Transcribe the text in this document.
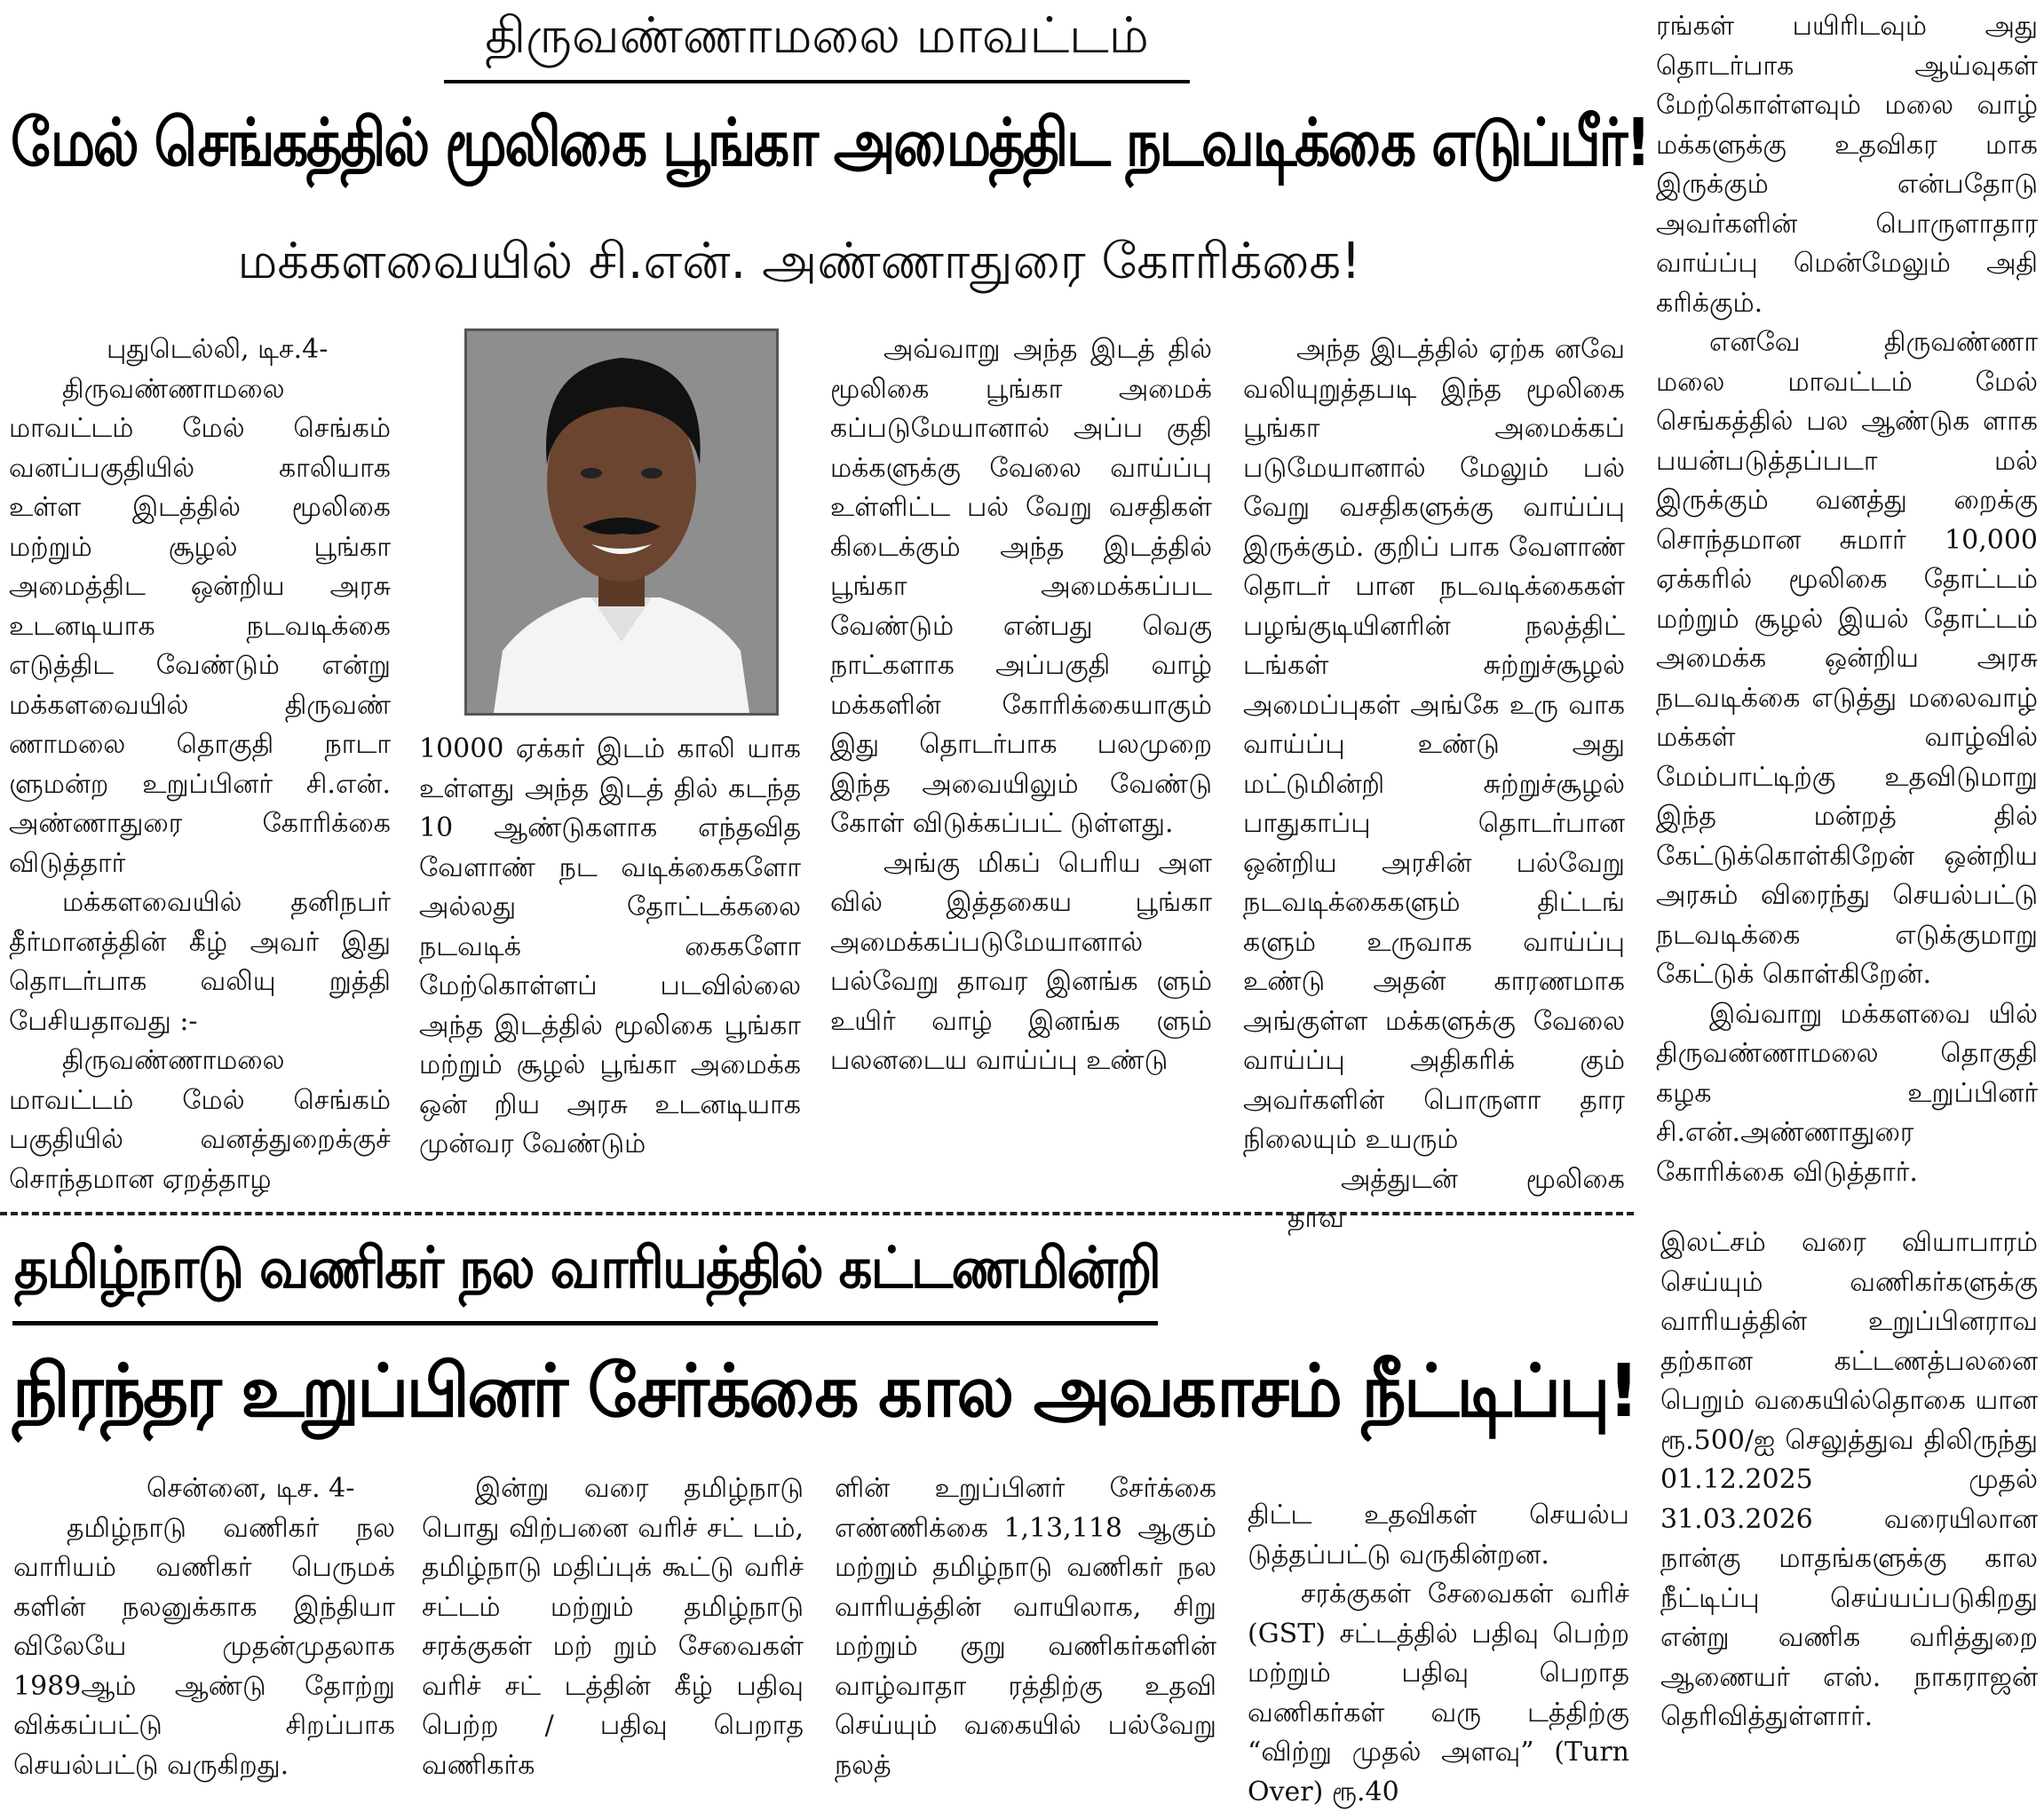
திருவண்ணாமலை மாவட்டம்
மேல் செங்கத்தில் மூலிகை பூங்கா அமைத்திட நடவடிக்கை எடுப்பீர்!
மக்களவையில் சி.என். அண்ணாதுரை கோரிக்கை!

புதுடெல்லி, டிச.4-

திருவண்ணாமலை மாவட்டம் மேல் செங்கம் வனப்பகுதியில் காலியாக உள்ள இடத்தில் மூலிகை மற்றும் சூழல் பூங்கா அமைத்திட ஒன்றிய அரசு உடனடியாக நடவடிக்கை எடுத்திட வேண்டும் என்று மக்களவையில் திருவண் ணாமலை தொகுதி நாடா ளுமன்ற உறுப்பினர் சி.என். அண்ணாதுரை கோரிக்கை விடுத்தார்

மக்களவையில் தனிநபர் தீர்மானத்தின் கீழ் அவர் இது தொடர்பாக வலியு றுத்தி பேசியதாவது :-

திருவண்ணாமலை மாவட்டம் மேல் செங்கம் பகுதியில் வனத்துறைக்குச் சொந்தமான ஏறத்தாழ

10000 ஏக்கர் இடம் காலி யாக உள்ளது அந்த இடத் தில் கடந்த 10 ஆண்டுகளாக எந்தவித வேளாண் நட வடிக்கைகளோ அல்லது தோட்டக்கலை நடவடிக் கைகளோ மேற்கொள்ளப் படவில்லை அந்த இடத்தில் மூலிகை பூங்கா மற்றும் சூழல் பூங்கா அமைக்க ஒன் றிய அரசு உடனடியாக முன்வர வேண்டும்

அவ்வாறு அந்த இடத் தில் மூலிகை பூங்கா அமைக் கப்படுமேயானால் அப்ப குதி மக்களுக்கு வேலை வாய்ப்பு உள்ளிட்ட பல் வேறு வசதிகள் கிடைக்கும் அந்த இடத்தில் பூங்கா அமைக்கப்பட வேண்டும் என்பது வெகு நாட்களாக அப்பகுதி வாழ் மக்களின் கோரிக்கையாகும் இது தொடர்பாக பலமுறை இந்த அவையிலும் வேண்டு கோள் விடுக்கப்பட் டுள்ளது.

அங்கு மிகப் பெரிய அள வில் இத்தகைய பூங்கா அமைக்கப்படுமேயானால் பல்வேறு தாவர இனங்க ளும் உயிர் வாழ் இனங்க ளும் பலனடைய வாய்ப்பு உண்டு

அந்த இடத்தில் ஏற்க னவே வலியுறுத்தபடி இந்த மூலிகை பூங்கா அமைக்கப் படுமேயானால் மேலும் பல் வேறு வசதிகளுக்கு வாய்ப்பு இருக்கும். குறிப் பாக வேளாண் தொடர் பான நடவடிக்கைகள் பழங்குடியினரின் நலத்திட் டங்கள் சுற்றுச்சூழல் அமைப்புகள் அங்கே உரு வாக வாய்ப்பு உண்டு அது மட்டுமின்றி சுற்றுச்சூழல் பாதுகாப்பு தொடர்பான ஒன்றிய அரசின் பல்வேறு நடவடிக்கைகளும் திட்டங் களும் உருவாக வாய்ப்பு உண்டு அதன் காரணமாக அங்குள்ள மக்களுக்கு வேலை வாய்ப்பு அதிகரிக் கும் அவர்களின் பொருளா தார நிலையும் உயரும்

அத்துடன் மூலிகை தாவ

ரங்கள் பயிரிடவும் அது தொடர்பாக ஆய்வுகள் மேற்கொள்ளவும் மலை வாழ் மக்களுக்கு உதவிகர மாக இருக்கும் என்பதோடு அவர்களின் பொருளாதார வாய்ப்பு மென்மேலும் அதி கரிக்கும்.

எனவே திருவண்ணா மலை மாவட்டம் மேல் செங்கத்தில் பல ஆண்டுக ளாக பயன்படுத்தப்படா மல் இருக்கும் வனத்து றைக்கு சொந்தமான சுமார் 10,000 ஏக்கரில் மூலிகை தோட்டம் மற்றும் சூழல் இயல் தோட்டம் அமைக்க ஒன்றிய அரசு நடவடிக்கை எடுத்து மலைவாழ் மக்கள் வாழ்வில் மேம்பாட்டிற்கு உதவிடுமாறு இந்த மன்றத் தில் கேட்டுக்கொள்கிறேன் ஒன்றிய அரசும் விரைந்து செயல்பட்டு நடவடிக்கை எடுக்குமாறு கேட்டுக் கொள்கிறேன்.

இவ்வாறு மக்களவை யில் திருவண்ணாமலை தொகுதி கழக உறுப்பினர் சி.என்.அண்ணாதுரை கோரிக்கை விடுத்தார்.

தமிழ்நாடு வணிகர் நல வாரியத்தில் கட்டணமின்றி
நிரந்தர உறுப்பினர் சேர்க்கை கால அவகாசம் நீட்டிப்பு!

சென்னை, டிச. 4-

தமிழ்நாடு வணிகர் நல வாரியம் வணிகர் பெருமக் களின் நலனுக்காக இந்தியா விலேயே முதன்முதலாக 1989ஆம் ஆண்டு தோற்று விக்கப்பட்டு சிறப்பாக செயல்பட்டு வருகிறது.

இன்று வரை தமிழ்நாடு பொது விற்பனை வரிச் சட் டம், தமிழ்நாடு மதிப்புக் கூட்டு வரிச் சட்டம் மற்றும் தமிழ்நாடு சரக்குகள் மற் றும் சேவைகள் வரிச் சட் டத்தின் கீழ் பதிவு பெற்ற / பதிவு பெறாத வணிகர்க

ளின் உறுப்பினர் சேர்க்கை எண்ணிக்கை 1,13,118 ஆகும் மற்றும் தமிழ்நாடு வணிகர் நல வாரியத்தின் வாயிலாக, சிறு மற்றும் குறு வணிகர்களின் வாழ்வாதா ரத்திற்கு உதவி செய்யும் வகையில் பல்வேறு நலத்

திட்ட உதவிகள் செயல்ப டுத்தப்பட்டு வருகின்றன.

சரக்குகள் சேவைகள் வரிச் (GST) சட்டத்தில் பதிவு பெற்ற மற்றும் பதிவு பெறாத வணிகர்கள் வரு டத்திற்கு “விற்று முதல் அளவு” (Turn Over) ரூ.40

இலட்சம் வரை வியாபாரம் செய்யும் வணிகர்களுக்கு வாரியத்தின் உறுப்பினராவ தற்கான கட்டணத்பலனை பெறும் வகையில்தொகை யான ரூ.500/ஐ செலுத்துவ திலிருந்து 01.12.2025 முதல் 31.03.2026 வரையிலான நான்கு மாதங்களுக்கு கால நீட்டிப்பு செய்யப்படுகிறது என்று வணிக வரித்துறை ஆணையர் எஸ். நாகராஜன் தெரிவித்துள்ளார்.
